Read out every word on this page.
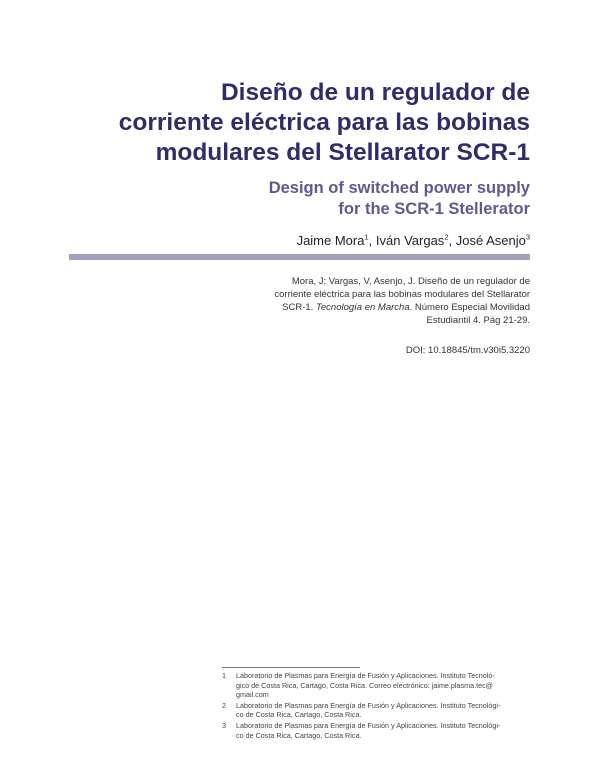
Diseño de un regulador de
corriente eléctrica para las bobinas
modulares del Stellarator SCR-1
Design of switched power supply
for the SCR-1 Stellerator
Jaime Mora$^1$, Iván Vargas$^2$, José Asenjo$^3$
Mora, J; Vargas, V, Asenjo, J. Diseño de un regulador de
corriente eléctrica para las bobinas modulares del Stellarator
SCR-1. Tecnología en Marcha. Número Especial Movilidad
Estudiantil 4. Pág 21-29.
DOI: 10.18845/tm.v30i5.3220
1	Laboratorio de Plasmas para Energía de Fusión y Aplicaciones. Instituto Tecnoló-
gico de Costa Rica, Cartago, Costa Rica. Correo electrónico: jaime.plasma.tec@
gmail.com
2	Laboratorio de Plasmas para Energía de Fusión y Aplicaciones. Instituto Tecnológi-
co de Costa Rica, Cartago, Costa Rica.
3	Laboratorio de Plasmas para Energía de Fusión y Aplicaciones. Instituto Tecnológi-
co de Costa Rica, Cartago, Costa Rica.
